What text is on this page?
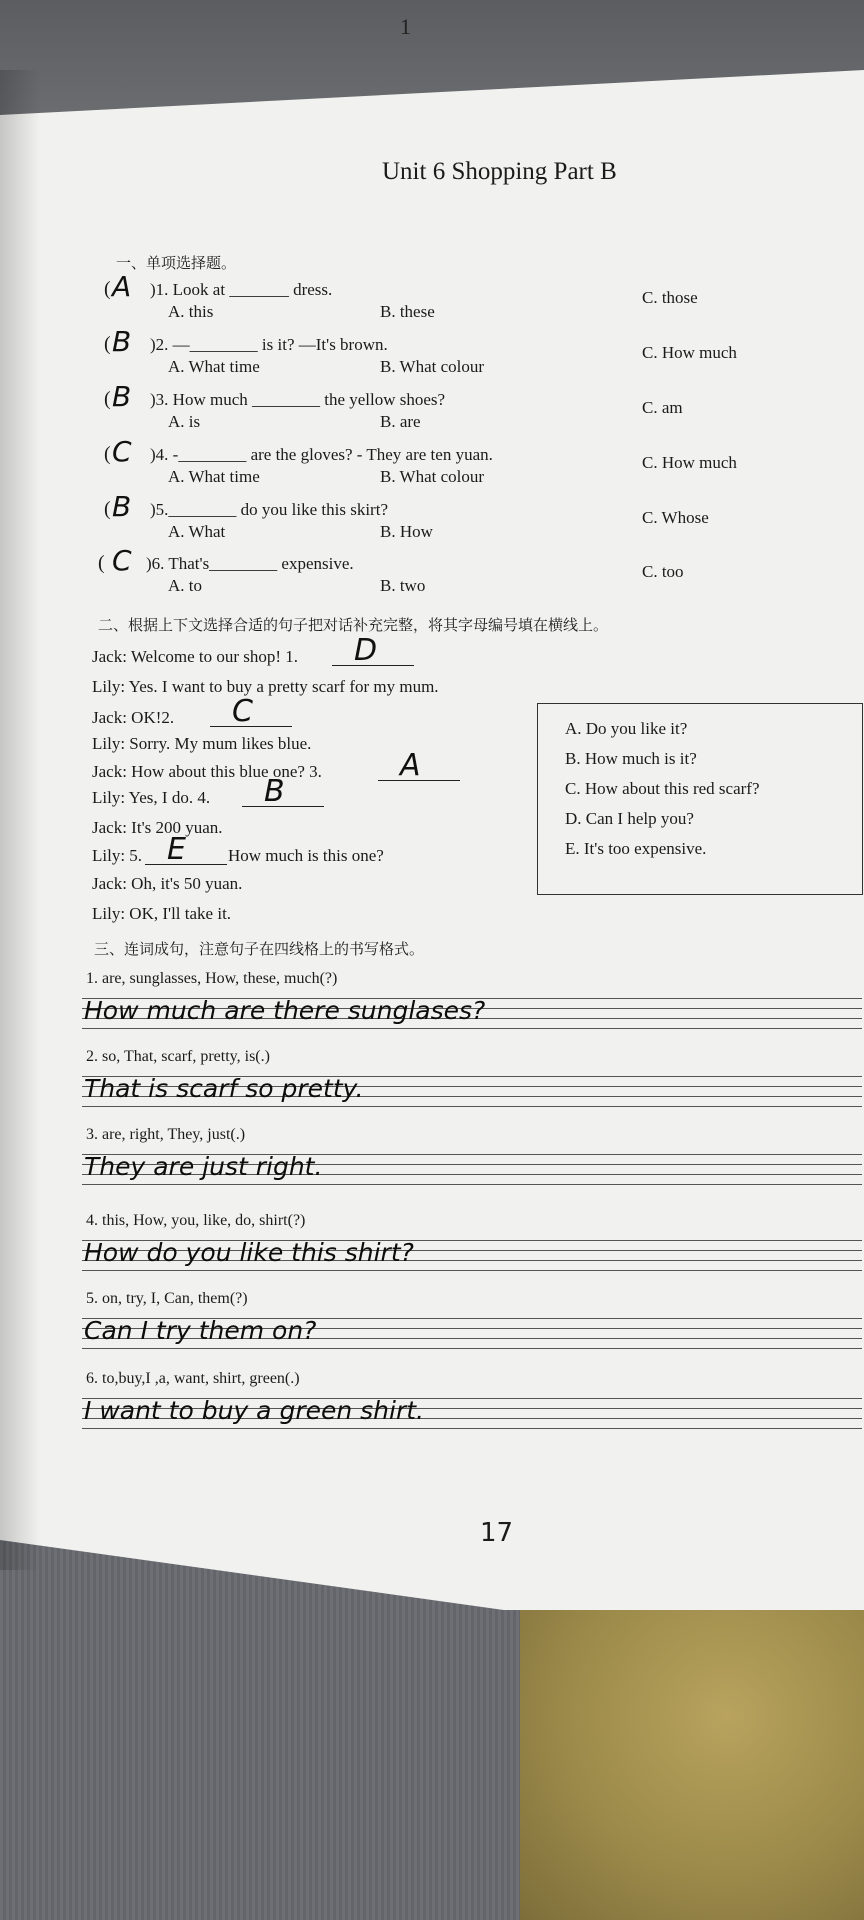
1
Unit 6 Shopping Part B
一、单项选择题。
( A )1. Look at _______ dress.
A. this	B. these
C. those
( B )2. —________ is it? —It's brown.
A. What time	B. What colour
C. How much
( B )3. How much ________ the yellow shoes?
A. is	B. are
C. am
( C )4. -________ are the gloves? - They are ten yuan.
A. What time	B. What colour
C. How much
( B )5.________ do you like this skirt?
A. What	B. How
C. Whose
( C )6. That's________ expensive.
A. to	B. two
C. too
二、根据上下文选择合适的句子把对话补充完整，将其字母编号填在横线上。
Jack: Welcome to our shop! 1.
Lily: Yes. I want to buy a pretty scarf for my mum.
Jack: OK!2.
Lily: Sorry. My mum likes blue.
Jack: How about this blue one? 3.
Lily: Yes, I do. 4.
Jack: It's 200 yuan.
Lily: 5.
Jack: Oh, it's 50 yuan.
Lily: OK, I'll take it.
D
C
A
B
E How much is this one?
A. Do you like it?
B. How much is it?
C. How about this red scarf?
D. Can I help you?
E. It's too expensive.
三、连词成句，注意句子在四线格上的书写格式。
1. are, sunglasses, How, these, much(?)
How much are there sunglases?
2. so, That, scarf, pretty, is(.)
That is scarf so pretty.
3. are, right, They, just(.)
They are just right.
4. this, How, you, like, do, shirt(?)
How do you like this shirt?
5. on, try, I, Can, them(?)
Can I try them on?
6. to,buy,I ,a, want, shirt, green(.)
I want to buy a green shirt.
17
